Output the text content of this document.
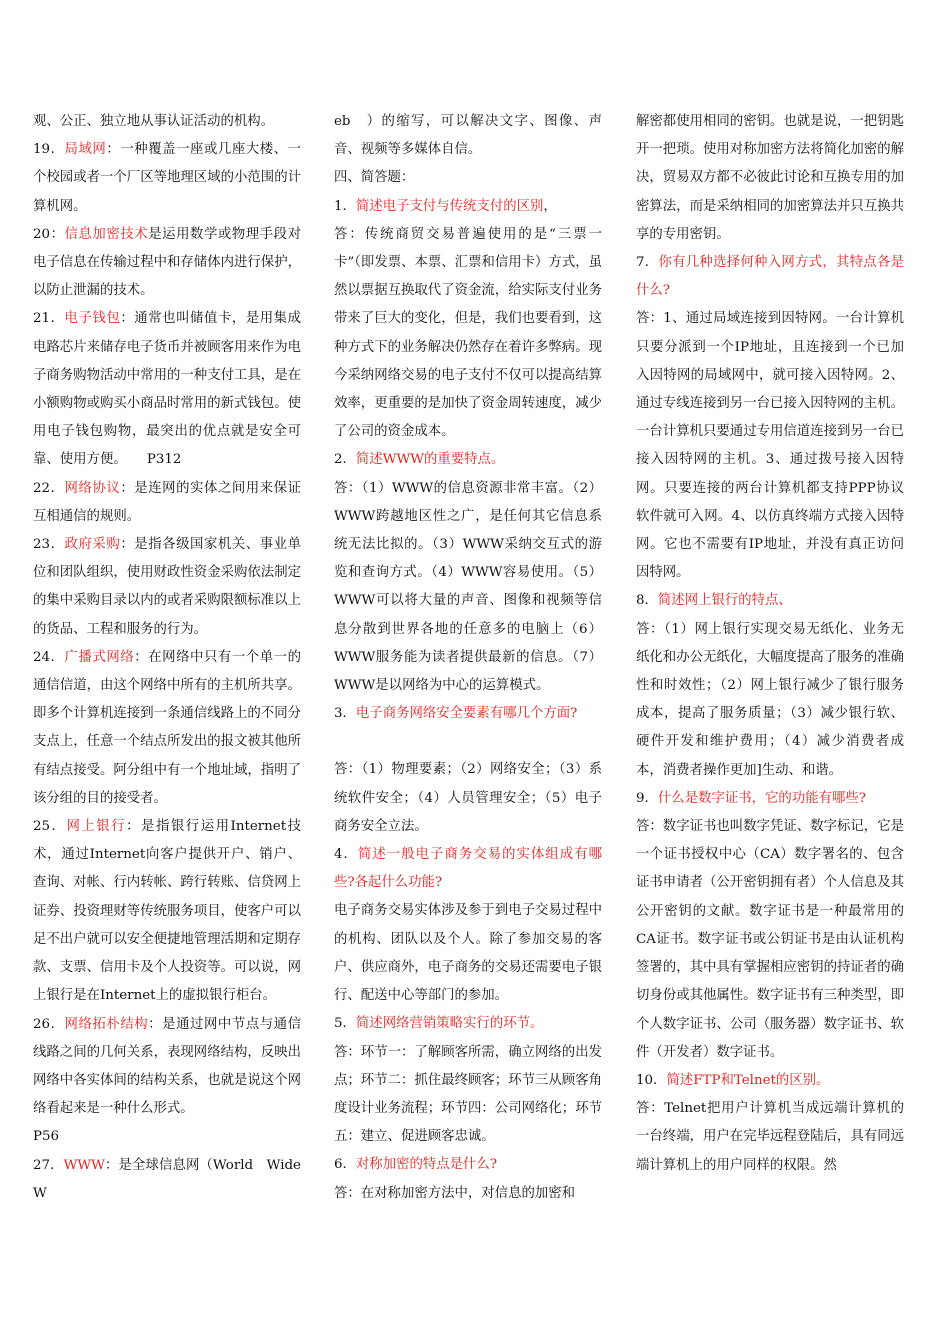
观、公正、独立地从事认证活动的机构。

19．局域网：一种覆盖一座或几座大楼、一个校园或者一个厂区等地理区域的小范围的计算机网。

20：信息加密技术是运用数学或物理手段对电子信息在传输过程中和存储体内进行保护，以防止泄漏的技术。

21．电子钱包：通常也叫储值卡，是用集成电路芯片来储存电子货币并被顾客用来作为电子商务购物活动中常用的一种支付工具，是在小额购物或购买小商品时常用的新式钱包。使用电子钱包购物，最突出的优点就是安全可靠、使用方便。　　P312

22．网络协议：是连网的实体之间用来保证互相通信的规则。

23．政府采购：是指各级国家机关、事业单位和团队组织，使用财政性资金采购依法制定的集中采购目录以内的或者采购限额标准以上的货品、工程和服务的行为。

24．广播式网络：在网络中只有一个单一的通信信道，由这个网络中所有的主机所共享。即多个计算机连接到一条通信线路上的不同分支点上，任意一个结点所发出的报文被其他所有结点接受。阿分组中有一个地址域，指明了该分组的目的接受者。

25．网上银行：是指银行运用Internet技术，通过Internet向客户提供开户、销户、查询、对帐、行内转帐、跨行转账、信贷网上证券、投资理财等传统服务项目，使客户可以足不出户就可以安全便捷地管理活期和定期存款、支票、信用卡及个人投资等。可以说，网上银行是在Internet上的虚拟银行柜台。

26．网络拓朴结构：是通过网中节点与通信线路之间的几何关系，表现网络结构，反映出网络中各实体间的结构关系，也就是说这个网络看起来是一种什么形式。

P56

27．WWW：是全球信息网（World　Wide　W

eb　）的缩写，可以解决文字、图像、声音、视频等多媒体自信。

四、简答题：

1．简述电子支付与传统支付的区别，

答：传统商贸交易普遍使用的是“三票一卡”（即发票、本票、汇票和信用卡）方式，虽然以票据互换取代了资金流，给实际支付业务带来了巨大的变化，但是，我们也要看到，这种方式下的业务解决仍然存在着许多弊病。现今采纳网络交易的电子支付不仅可以提高结算效率，更重要的是加快了资金周转速度，减少了公司的资金成本。

2．简述WWW的重要特点。

答：（1）WWW的信息资源非常丰富。（2）WWW跨越地区性之广，是任何其它信息系统无法比拟的。（3）WWW采纳交互式的游览和查询方式。（4）WWW容易使用。（5）WWW可以将大量的声音、图像和视频等信息分散到世界各地的任意多的电脑上（6）WWW服务能为读者提供最新的信息。（7）WWW是以网络为中心的运算模式。

3．电子商务网络安全要素有哪几个方面?

答：（1）物理要素；（2）网络安全；（3）系统软件安全；（4）人员管理安全；（5）电子商务安全立法。

4．简述一般电子商务交易的实体组成有哪些?各起什么功能?

电子商务交易实体涉及参于到电子交易过程中的机构、团队以及个人。除了参加交易的客户、供应商外，电子商务的交易还需要电子银行、配送中心等部门的参加。

5．简述网络营销策略实行的环节。

答：环节一：了解顾客所需，确立网络的出发点；环节二：抓住最终顾客；环节三从顾客角度设计业务流程；环节四：公司网络化；环节五：建立、促进顾客忠诚。

6．对称加密的特点是什么?

答：在对称加密方法中，对信息的加密和

解密都使用相同的密钥。也就是说，一把钥匙开一把琐。使用对称加密方法将简化加密的解决，贸易双方都不必彼此讨论和互换专用的加密算法，而是采纳相同的加密算法并只互换共享的专用密钥。

7．你有几种选择何种入网方式，其特点各是什么?

答：1、通过局域连接到因特网。一台计算机只要分派到一个IP地址，且连接到一个已加入因特网的局域网中，就可接入因特网。2、通过专线连接到另一台已接入因特网的主机。一台计算机只要通过专用信道连接到另一台已接入因特网的主机。3、通过拨号接入因特网。只要连接的两台计算机都支持PPP协议软件就可入网。4、以仿真终端方式接入因特网。它也不需要有IP地址，并没有真正访问因特网。

8．简述网上银行的特点、

答：（1）网上银行实现交易无纸化、业务无纸化和办公无纸化，大幅度提高了服务的准确性和时效性；（2）网上银行减少了银行服务成本，提高了服务质量；（3）减少银行软、硬件开发和维护费用；（4）减少消费者成本，消费者操作更加]生动、和谐。

9．什么是数字证书，它的功能有哪些?

答：数字证书也叫数字凭证、数字标记，它是一个证书授权中心（CA）数字署名的、包含证书申请者（公开密钥拥有者）个人信息及其公开密钥的文献。数字证书是一种最常用的CA证书。数字证书或公钥证书是由认证机构签署的，其中具有掌握相应密钥的持证者的确切身份或其他属性。数字证书有三种类型，即个人数字证书、公司（服务器）数字证书、软件（开发者）数字证书。

10．简述FTP和Telnet的区别。

答：Telnet把用户计算机当成远端计算机的一台终端，用户在完毕远程登陆后，具有同远端计算机上的用户同样的权限。然
